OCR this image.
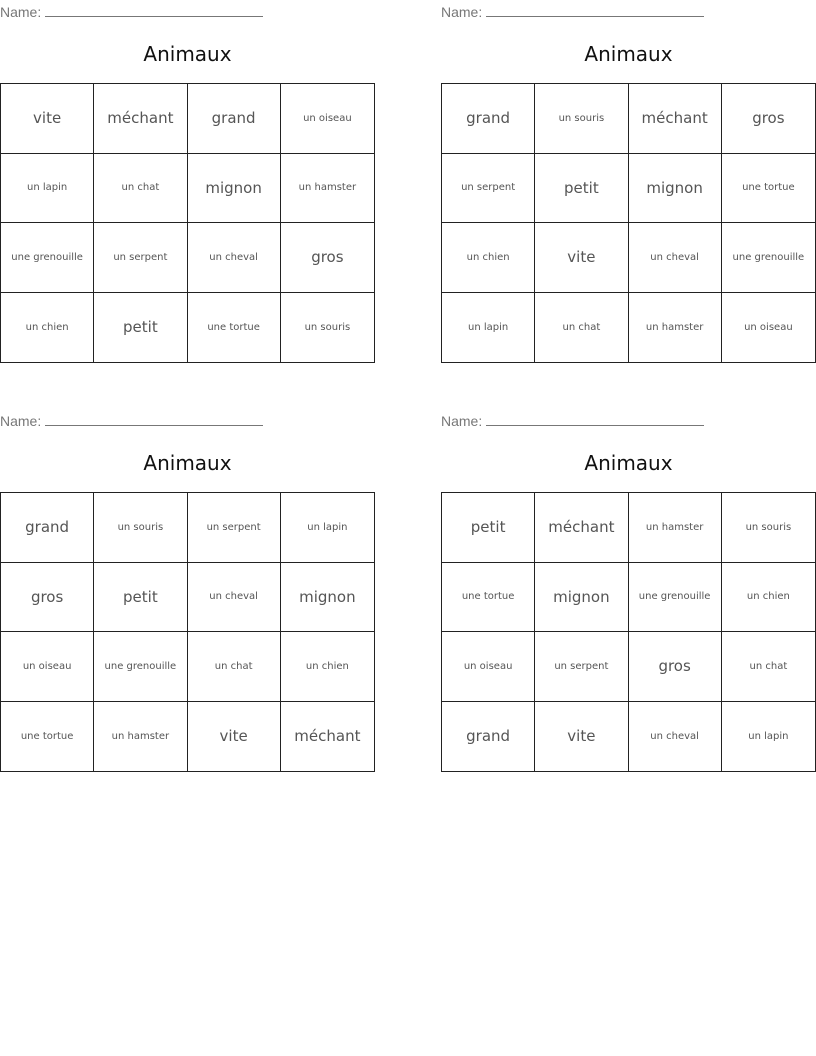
Name:
Animaux
vite	méchant	grand	un oiseau
un lapin	un chat	mignon	un hamster
une grenouille	un serpent	un cheval	gros
un chien	petit	une tortue	un souris
Name:
Animaux
grand	un souris	méchant	gros
un serpent	petit	mignon	une tortue
un chien	vite	un cheval	une grenouille
un lapin	un chat	un hamster	un oiseau
Name:
Animaux
grand	un souris	un serpent	un lapin
gros	petit	un cheval	mignon
un oiseau	une grenouille	un chat	un chien
une tortue	un hamster	vite	méchant
Name:
Animaux
petit	méchant	un hamster	un souris
une tortue	mignon	une grenouille	un chien
un oiseau	un serpent	gros	un chat
grand	vite	un cheval	un lapin
